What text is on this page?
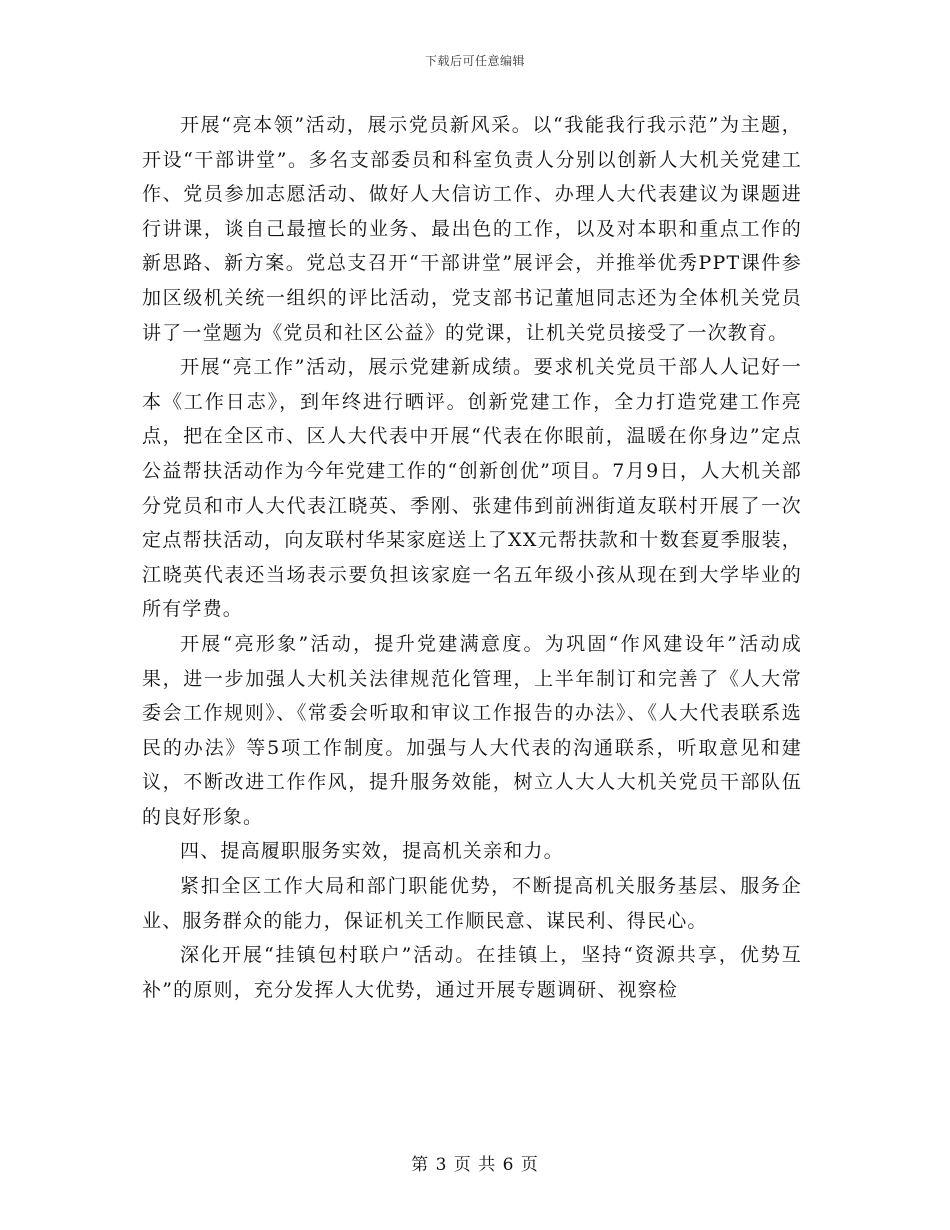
下载后可任意编辑

开展“亮本领”活动，展示党员新风采。以“我能我行我示范”为主题，开设“干部讲堂”。多名支部委员和科室负责人分别以创新人大机关党建工作、党员参加志愿活动、做好人大信访工作、办理人大代表建议为课题进行讲课，谈自己最擅长的业务、最出色的工作，以及对本职和重点工作的新思路、新方案。党总支召开“干部讲堂”展评会，并推举优秀PPT课件参加区级机关统一组织的评比活动，党支部书记董旭同志还为全体机关党员讲了一堂题为《党员和社区公益》的党课，让机关党员接受了一次教育。

开展“亮工作”活动，展示党建新成绩。要求机关党员干部人人记好一本《工作日志》，到年终进行晒评。创新党建工作，全力打造党建工作亮点，把在全区市、区人大代表中开展“代表在你眼前，温暖在你身边”定点公益帮扶活动作为今年党建工作的“创新创优”项目。7月9日，人大机关部分党员和市人大代表江晓英、季刚、张建伟到前洲街道友联村开展了一次定点帮扶活动，向友联村华某家庭送上了XX元帮扶款和十数套夏季服装，江晓英代表还当场表示要负担该家庭一名五年级小孩从现在到大学毕业的所有学费。

开展“亮形象”活动，提升党建满意度。为巩固“作风建设年”活动成果，进一步加强人大机关法律规范化管理，上半年制订和完善了《人大常委会工作规则》、《常委会听取和审议工作报告的办法》、《人大代表联系选民的办法》等5项工作制度。加强与人大代表的沟通联系，听取意见和建议，不断改进工作作风，提升服务效能，树立人大人大机关党员干部队伍的良好形象。

四、提高履职服务实效，提高机关亲和力。

紧扣全区工作大局和部门职能优势，不断提高机关服务基层、服务企业、服务群众的能力，保证机关工作顺民意、谋民利、得民心。

深化开展“挂镇包村联户”活动。在挂镇上，坚持“资源共享，优势互补”的原则，充分发挥人大优势，通过开展专题调研、视察检

第 3 页 共 6 页
